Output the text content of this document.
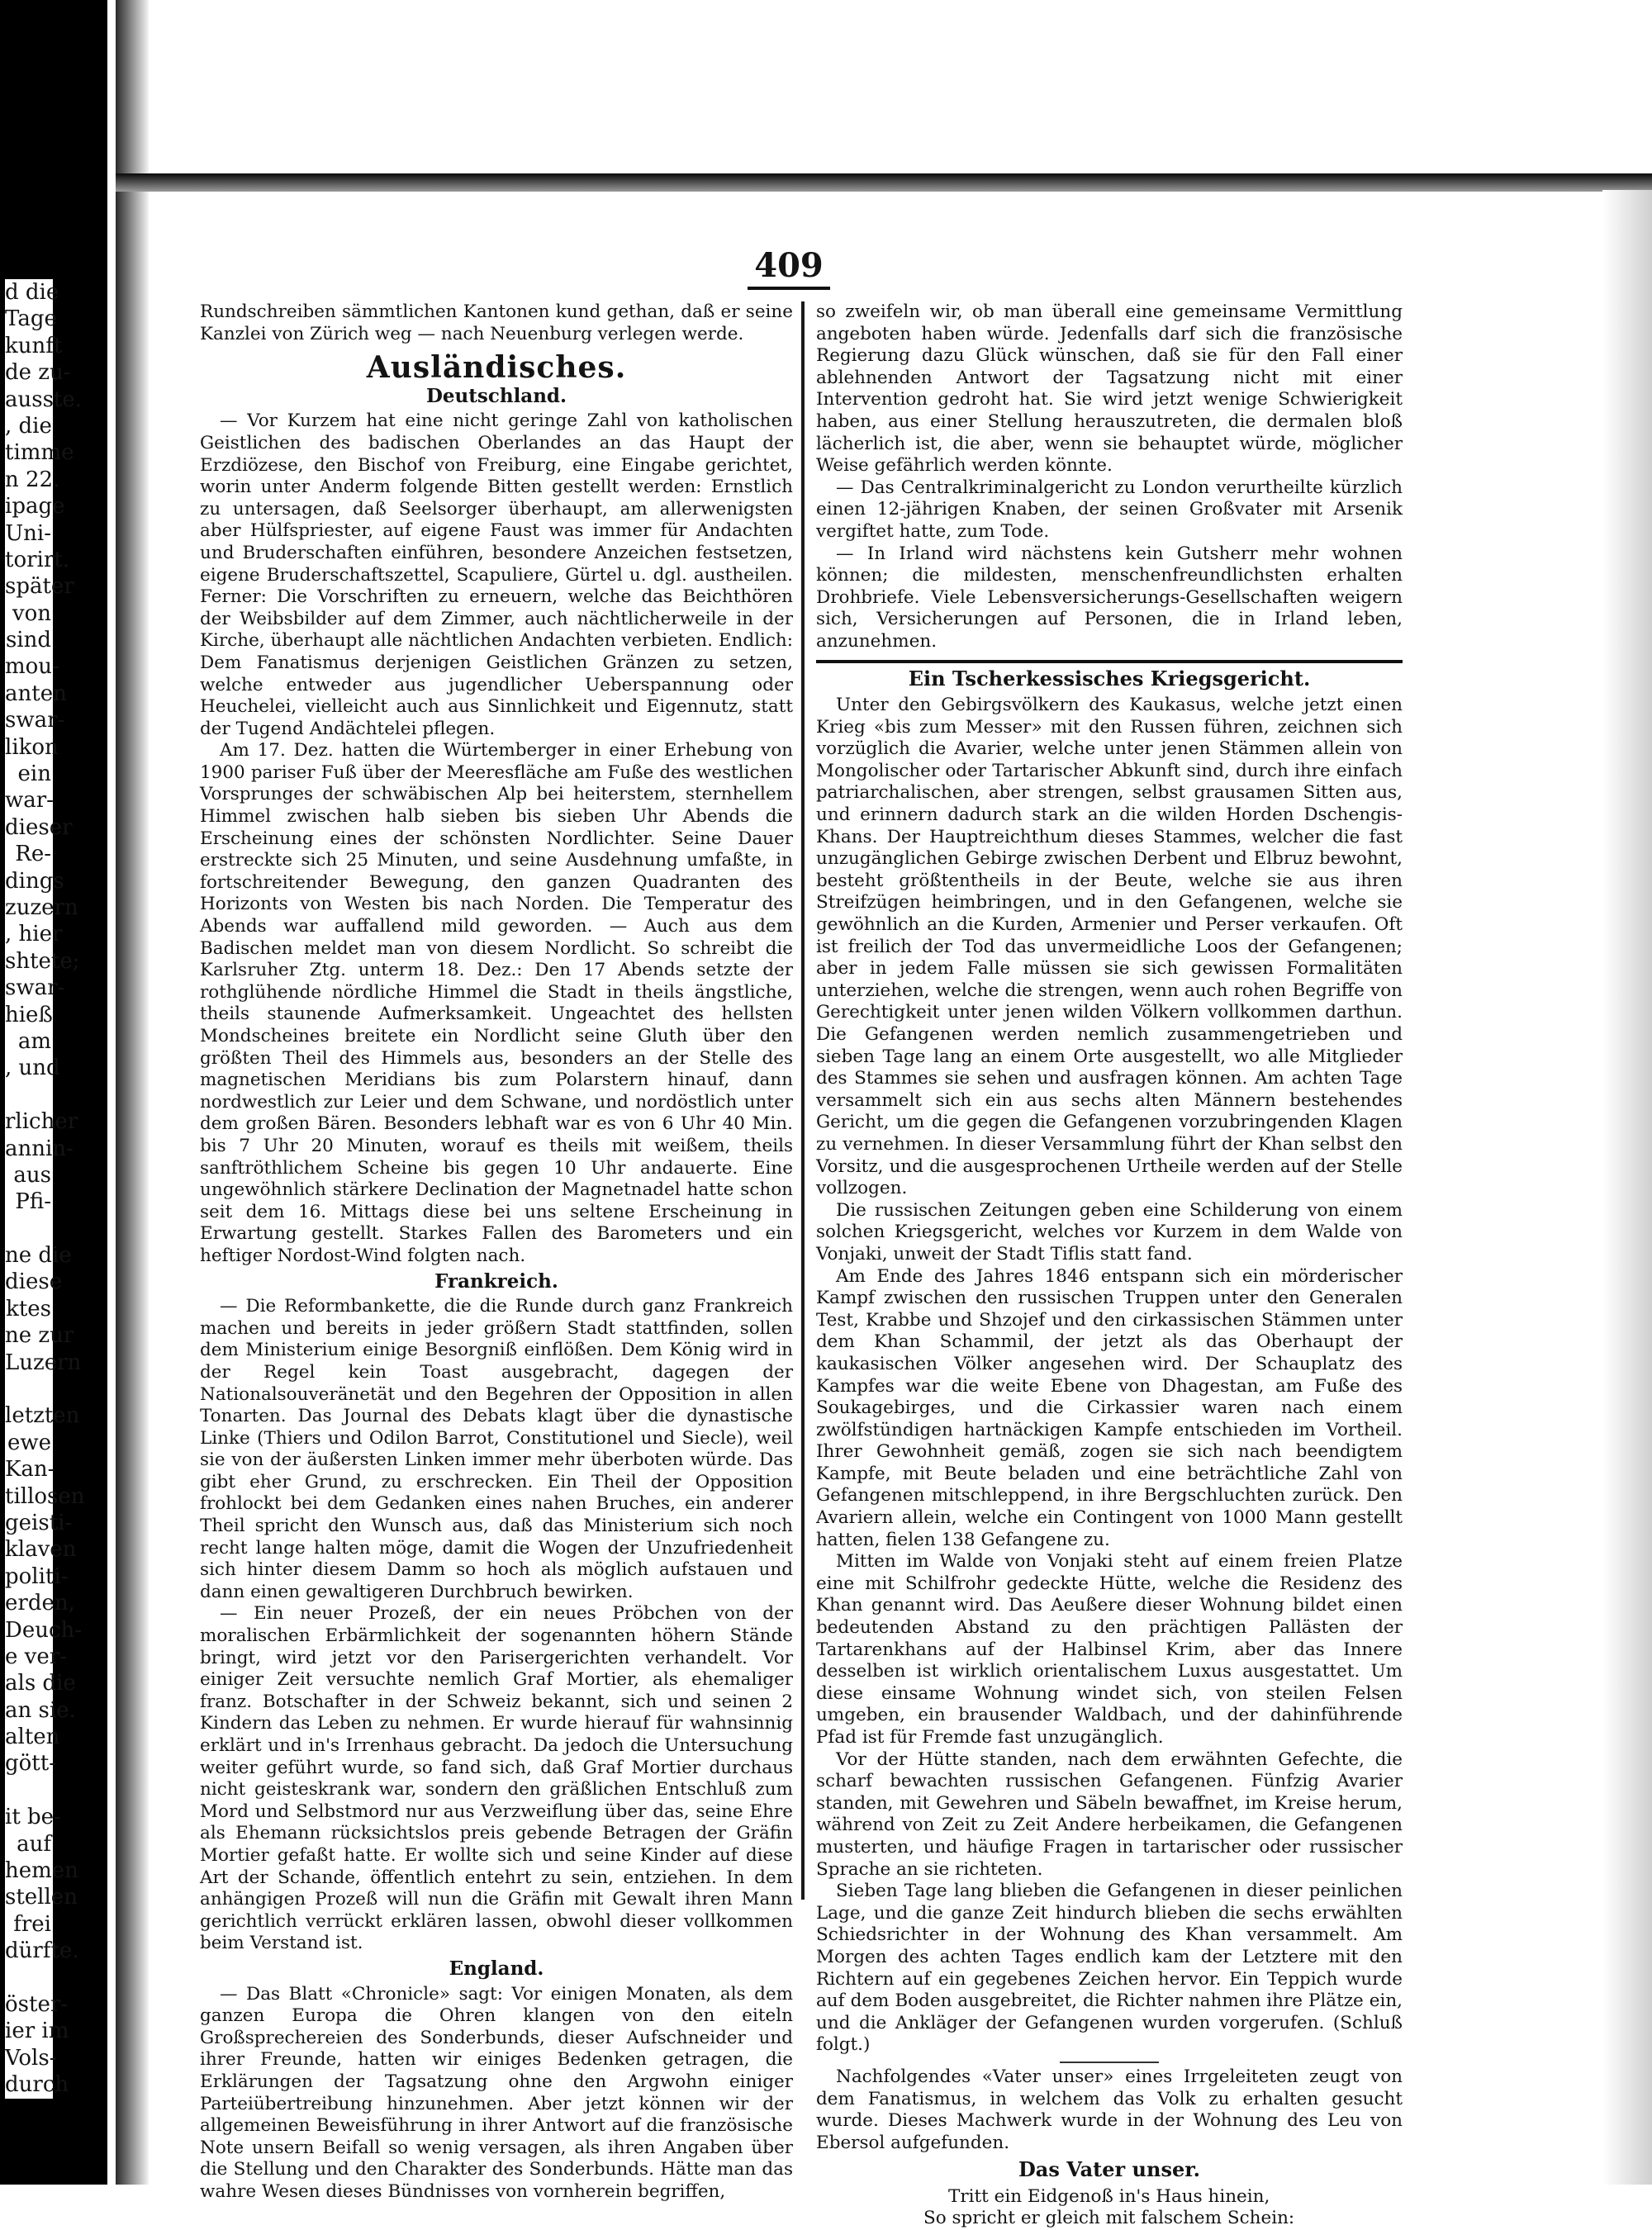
d die
Tage
kunft
de zu-
ausste.
, die
timme
n 22.
ipage
Uni-
torirt.
später
von
sind
mou-
anten
swar-
likon
ein
war-
dieser
Re-
dings
zuzern
, hier
shtete;
swar-
hieß
am
, und
rlicher
annin-
aus
Pfi-
ne die
diese
ktes
ne zur
Luzern
letzten
ewe
Kan-
tillosen
geisti-
klaven
politi-
erden,
Deuch-
e ver-
als die
an sie.
alten
gött-
it be-
auf
hemen
stellen
frei
dürfte.
öster-
ier im
Vols-
durch
409

Rundschreiben sämmtlichen Kantonen kund gethan, daß er seine Kanzlei von Zürich weg — nach Neuenburg verlegen werde.

Ausländisches.
Deutschland.

— Vor Kurzem hat eine nicht geringe Zahl von katholischen Geistlichen des badischen Oberlandes an das Haupt der Erzdiözese, den Bischof von Freiburg, eine Eingabe gerichtet, worin unter Anderm folgende Bitten gestellt werden: Ernstlich zu untersagen, daß Seelsorger überhaupt, am allerwenigsten aber Hülfspriester, auf eigene Faust was immer für Andachten und Bruderschaften einführen, besondere Anzeichen festsetzen, eigene Bruderschaftszettel, Scapuliere, Gürtel u. dgl. austheilen. Ferner: Die Vorschriften zu erneuern, welche das Beichthören der Weibsbilder auf dem Zimmer, auch nächtlicherweile in der Kirche, überhaupt alle nächtlichen Andachten verbieten. Endlich: Dem Fanatismus derjenigen Geistlichen Gränzen zu setzen, welche entweder aus jugendlicher Ueberspannung oder Heuchelei, vielleicht auch aus Sinnlichkeit und Eigennutz, statt der Tugend Andächtelei pflegen.

Am 17. Dez. hatten die Würtemberger in einer Erhebung von 1900 pariser Fuß über der Meeresfläche am Fuße des westlichen Vorsprunges der schwäbischen Alp bei heiterstem, sternhellem Himmel zwischen halb sieben bis sieben Uhr Abends die Erscheinung eines der schönsten Nordlichter. Seine Dauer erstreckte sich 25 Minuten, und seine Ausdehnung umfaßte, in fortschreitender Bewegung, den ganzen Quadranten des Horizonts von Westen bis nach Norden. Die Temperatur des Abends war auffallend mild geworden. — Auch aus dem Badischen meldet man von diesem Nordlicht. So schreibt die Karlsruher Ztg. unterm 18. Dez.: Den 17 Abends setzte der rothglühende nördliche Himmel die Stadt in theils ängstliche, theils staunende Aufmerksamkeit. Ungeachtet des hellsten Mondscheines breitete ein Nordlicht seine Gluth über den größten Theil des Himmels aus, besonders an der Stelle des magnetischen Meridians bis zum Polarstern hinauf, dann nordwestlich zur Leier und dem Schwane, und nordöstlich unter dem großen Bären. Besonders lebhaft war es von 6 Uhr 40 Min. bis 7 Uhr 20 Minuten, worauf es theils mit weißem, theils sanftröthlichem Scheine bis gegen 10 Uhr andauerte. Eine ungewöhnlich stärkere Declination der Magnetnadel hatte schon seit dem 16. Mittags diese bei uns seltene Erscheinung in Erwartung gestellt. Starkes Fallen des Barometers und ein heftiger Nordost-Wind folgten nach.

Frankreich.

— Die Reformbankette, die die Runde durch ganz Frankreich machen und bereits in jeder größern Stadt stattfinden, sollen dem Ministerium einige Besorgniß einflößen. Dem König wird in der Regel kein Toast ausgebracht, dagegen der Nationalsouveränetät und den Begehren der Opposition in allen Tonarten. Das Journal des Debats klagt über die dynastische Linke (Thiers und Odilon Barrot, Constitutionel und Siecle), weil sie von der äußersten Linken immer mehr überboten würde. Das gibt eher Grund, zu erschrecken. Ein Theil der Opposition frohlockt bei dem Gedanken eines nahen Bruches, ein anderer Theil spricht den Wunsch aus, daß das Ministerium sich noch recht lange halten möge, damit die Wogen der Unzufriedenheit sich hinter diesem Damm so hoch als möglich aufstauen und dann einen gewaltigeren Durchbruch bewirken.

— Ein neuer Prozeß, der ein neues Pröbchen von der moralischen Erbärmlichkeit der sogenannten höhern Stände bringt, wird jetzt vor den Parisergerichten verhandelt. Vor einiger Zeit versuchte nemlich Graf Mortier, als ehemaliger franz. Botschafter in der Schweiz bekannt, sich und seinen 2 Kindern das Leben zu nehmen. Er wurde hierauf für wahnsinnig erklärt und in's Irrenhaus gebracht. Da jedoch die Untersuchung weiter geführt wurde, so fand sich, daß Graf Mortier durchaus nicht geisteskrank war, sondern den gräßlichen Entschluß zum Mord und Selbstmord nur aus Verzweiflung über das, seine Ehre als Ehemann rücksichtslos preis gebende Betragen der Gräfin Mortier gefaßt hatte. Er wollte sich und seine Kinder auf diese Art der Schande, öffentlich entehrt zu sein, entziehen. In dem anhängigen Prozeß will nun die Gräfin mit Gewalt ihren Mann gerichtlich verrückt erklären lassen, obwohl dieser vollkommen beim Verstand ist.

England.

— Das Blatt «Chronicle» sagt: Vor einigen Monaten, als dem ganzen Europa die Ohren klangen von den eiteln Großsprechereien des Sonderbunds, dieser Aufschneider und ihrer Freunde, hatten wir einiges Bedenken getragen, die Erklärungen der Tagsatzung ohne den Argwohn einiger Parteiübertreibung hinzunehmen. Aber jetzt können wir der allgemeinen Beweisführung in ihrer Antwort auf die französische Note unsern Beifall so wenig versagen, als ihren Angaben über die Stellung und den Charakter des Sonderbunds. Hätte man das wahre Wesen dieses Bündnisses von vornherein begriffen,

so zweifeln wir, ob man überall eine gemeinsame Vermittlung angeboten haben würde. Jedenfalls darf sich die französische Regierung dazu Glück wünschen, daß sie für den Fall einer ablehnenden Antwort der Tagsatzung nicht mit einer Intervention gedroht hat. Sie wird jetzt wenige Schwierigkeit haben, aus einer Stellung herauszutreten, die dermalen bloß lächerlich ist, die aber, wenn sie behauptet würde, möglicher Weise gefährlich werden könnte.

— Das Centralkriminalgericht zu London verurtheilte kürzlich einen 12-jährigen Knaben, der seinen Großvater mit Arsenik vergiftet hatte, zum Tode.

— In Irland wird nächstens kein Gutsherr mehr wohnen können; die mildesten, menschenfreundlichsten erhalten Drohbriefe. Viele Lebensversicherungs-Gesellschaften weigern sich, Versicherungen auf Personen, die in Irland leben, anzunehmen.

Ein Tscherkessisches Kriegsgericht.

Unter den Gebirgsvölkern des Kaukasus, welche jetzt einen Krieg «bis zum Messer» mit den Russen führen, zeichnen sich vorzüglich die Avarier, welche unter jenen Stämmen allein von Mongolischer oder Tartarischer Abkunft sind, durch ihre einfach patriarchalischen, aber strengen, selbst grausamen Sitten aus, und erinnern dadurch stark an die wilden Horden Dschengis-Khans. Der Hauptreichthum dieses Stammes, welcher die fast unzugänglichen Gebirge zwischen Derbent und Elbruz bewohnt, besteht größtentheils in der Beute, welche sie aus ihren Streifzügen heimbringen, und in den Gefangenen, welche sie gewöhnlich an die Kurden, Armenier und Perser verkaufen. Oft ist freilich der Tod das unvermeidliche Loos der Gefangenen; aber in jedem Falle müssen sie sich gewissen Formalitäten unterziehen, welche die strengen, wenn auch rohen Begriffe von Gerechtigkeit unter jenen wilden Völkern vollkommen darthun. Die Gefangenen werden nemlich zusammengetrieben und sieben Tage lang an einem Orte ausgestellt, wo alle Mitglieder des Stammes sie sehen und ausfragen können. Am achten Tage versammelt sich ein aus sechs alten Männern bestehendes Gericht, um die gegen die Gefangenen vorzubringenden Klagen zu vernehmen. In dieser Versammlung führt der Khan selbst den Vorsitz, und die ausgesprochenen Urtheile werden auf der Stelle vollzogen.

Die russischen Zeitungen geben eine Schilderung von einem solchen Kriegsgericht, welches vor Kurzem in dem Walde von Vonjaki, unweit der Stadt Tiflis statt fand.

Am Ende des Jahres 1846 entspann sich ein mörderischer Kampf zwischen den russischen Truppen unter den Generalen Test, Krabbe und Shzojef und den cirkassischen Stämmen unter dem Khan Schammil, der jetzt als das Oberhaupt der kaukasischen Völker angesehen wird. Der Schauplatz des Kampfes war die weite Ebene von Dhagestan, am Fuße des Soukagebirges, und die Cirkassier waren nach einem zwölfstündigen hartnäckigen Kampfe entschieden im Vortheil. Ihrer Gewohnheit gemäß, zogen sie sich nach beendigtem Kampfe, mit Beute beladen und eine beträchtliche Zahl von Gefangenen mitschleppend, in ihre Bergschluchten zurück. Den Avariern allein, welche ein Contingent von 1000 Mann gestellt hatten, fielen 138 Gefangene zu.

Mitten im Walde von Vonjaki steht auf einem freien Platze eine mit Schilfrohr gedeckte Hütte, welche die Residenz des Khan genannt wird. Das Aeußere dieser Wohnung bildet einen bedeutenden Abstand zu den prächtigen Pallästen der Tartarenkhans auf der Halbinsel Krim, aber das Innere desselben ist wirklich orientalischem Luxus ausgestattet. Um diese einsame Wohnung windet sich, von steilen Felsen umgeben, ein brausender Waldbach, und der dahinführende Pfad ist für Fremde fast unzugänglich.

Vor der Hütte standen, nach dem erwähnten Gefechte, die scharf bewachten russischen Gefangenen. Fünfzig Avarier standen, mit Gewehren und Säbeln bewaffnet, im Kreise herum, während von Zeit zu Zeit Andere herbeikamen, die Gefangenen musterten, und häufige Fragen in tartarischer oder russischer Sprache an sie richteten.

Sieben Tage lang blieben die Gefangenen in dieser peinlichen Lage, und die ganze Zeit hindurch blieben die sechs erwählten Schiedsrichter in der Wohnung des Khan versammelt. Am Morgen des achten Tages endlich kam der Letztere mit den Richtern auf ein gegebenes Zeichen hervor. Ein Teppich wurde auf dem Boden ausgebreitet, die Richter nahmen ihre Plätze ein, und die Ankläger der Gefangenen wurden vorgerufen. (Schluß folgt.)

Nachfolgendes «Vater unser» eines Irrgeleiteten zeugt von dem Fanatismus, in welchem das Volk zu erhalten gesucht wurde. Dieses Machwerk wurde in der Wohnung des Leu von Ebersol aufgefunden.

Das Vater unser.

Tritt ein Eidgenoß in's Haus hinein,

So spricht er gleich mit falschem Schein:
